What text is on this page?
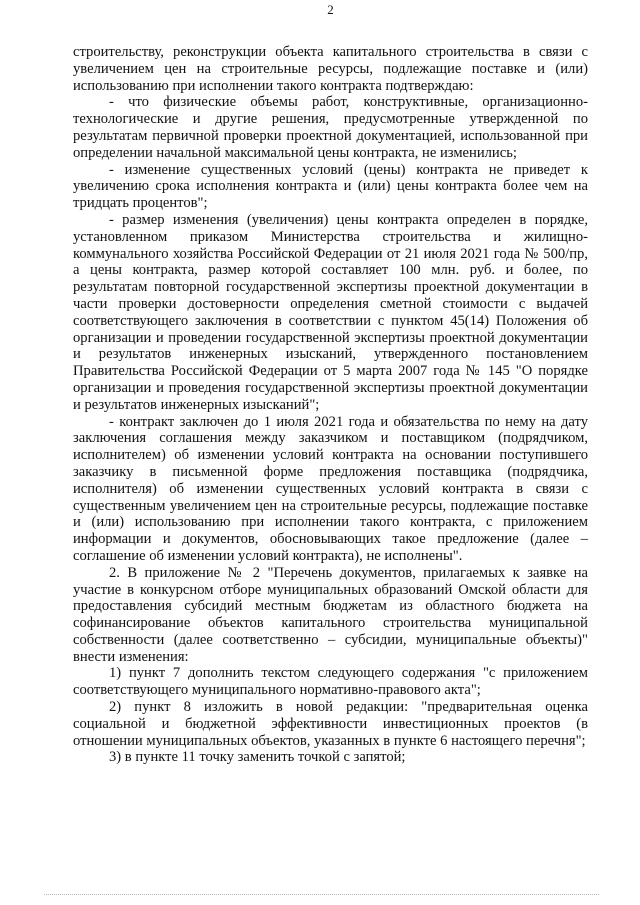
2

строительству, реконструкции объекта капитального строительства в связи с увеличением цен на строительные ресурсы, подлежащие поставке и (или) использованию при исполнении такого контракта подтверждаю:

- что физические объемы работ, конструктивные, организационно-технологические и другие решения, предусмотренные утвержденной по результатам первичной проверки проектной документацией, использованной при определении начальной максимальной цены контракта, не изменились;

- изменение существенных условий (цены) контракта не приведет к увеличению срока исполнения контракта и (или) цены контракта более чем на тридцать процентов";

- размер изменения (увеличения) цены контракта определен в порядке, установленном приказом Министерства строительства и жилищно-коммунального хозяйства Российской Федерации от 21 июля 2021 года № 500/пр, а цены контракта, размер которой составляет 100 млн. руб. и более, по результатам повторной государственной экспертизы проектной документации в части проверки достоверности определения сметной стоимости с выдачей соответствующего заключения в соответствии с пунктом 45(14) Положения об организации и проведении государственной экспертизы проектной документации и результатов инженерных изысканий, утвержденного постановлением Правительства Российской Федерации от 5 марта 2007 года № 145 "О порядке организации и проведения государственной экспертизы проектной документации и результатов инженерных изысканий";

- контракт заключен до 1 июля 2021 года и обязательства по нему на дату заключения соглашения между заказчиком и поставщиком (подрядчиком, исполнителем) об изменении условий контракта на основании поступившего заказчику в письменной форме предложения поставщика (подрядчика, исполнителя) об изменении существенных условий контракта в связи с существенным увеличением цен на строительные ресурсы, подлежащие поставке и (или) использованию при исполнении такого контракта, с приложением информации и документов, обосновывающих такое предложение (далее – соглашение об изменении условий контракта), не исполнены".

2. В приложение № 2 "Перечень документов, прилагаемых к заявке на участие в конкурсном отборе муниципальных образований Омской области для предоставления субсидий местным бюджетам из областного бюджета на софинансирование объектов капитального строительства муниципальной собственности (далее соответственно – субсидии, муниципальные объекты)" внести изменения:

1) пункт 7 дополнить текстом следующего содержания "с приложением соответствующего муниципального нормативно-правового акта";

2) пункт 8 изложить в новой редакции: "предварительная оценка социальной и бюджетной эффективности инвестиционных проектов (в отношении муниципальных объектов, указанных в пункте 6 настоящего перечня";

3) в пункте 11 точку заменить точкой с запятой;
